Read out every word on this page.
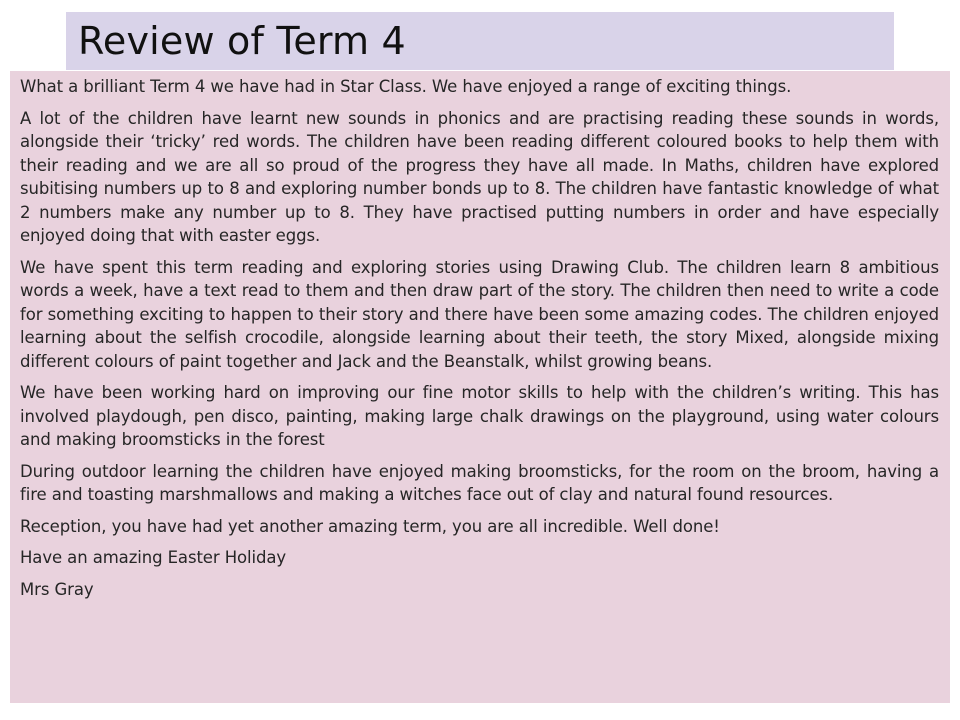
Review of Term 4

What a brilliant Term 4 we have had in Star Class. We have enjoyed a range of exciting things.

A lot of the children have learnt new sounds in phonics and are practising reading these sounds in words, alongside their ‘tricky’ red words. The children have been reading different coloured books to help them with their reading and we are all so proud of the progress they have all made. In Maths, children have explored subitising numbers up to 8 and exploring number bonds up to 8. The children have fantastic knowledge of what 2 numbers make any number up to 8. They have practised putting numbers in order and have especially enjoyed doing that with easter eggs.

We have spent this term reading and exploring stories using Drawing Club. The children learn 8 ambitious words a week, have a text read to them and then draw part of the story. The children then need to write a code for something exciting to happen to their story and there have been some amazing codes. The children enjoyed learning about the selfish crocodile, alongside learning about their teeth, the story Mixed, alongside mixing different colours of paint together and Jack and the Beanstalk, whilst growing beans.

We have been working hard on improving our fine motor skills to help with the children’s writing. This has involved playdough, pen disco, painting, making large chalk drawings on the playground, using water colours and making broomsticks in the forest

During outdoor learning the children have enjoyed making broomsticks, for the room on the broom, having a fire and toasting marshmallows and making a witches face out of clay and natural found resources.

Reception, you have had yet another amazing term, you are all incredible. Well done!

Have an amazing Easter Holiday

Mrs Gray
